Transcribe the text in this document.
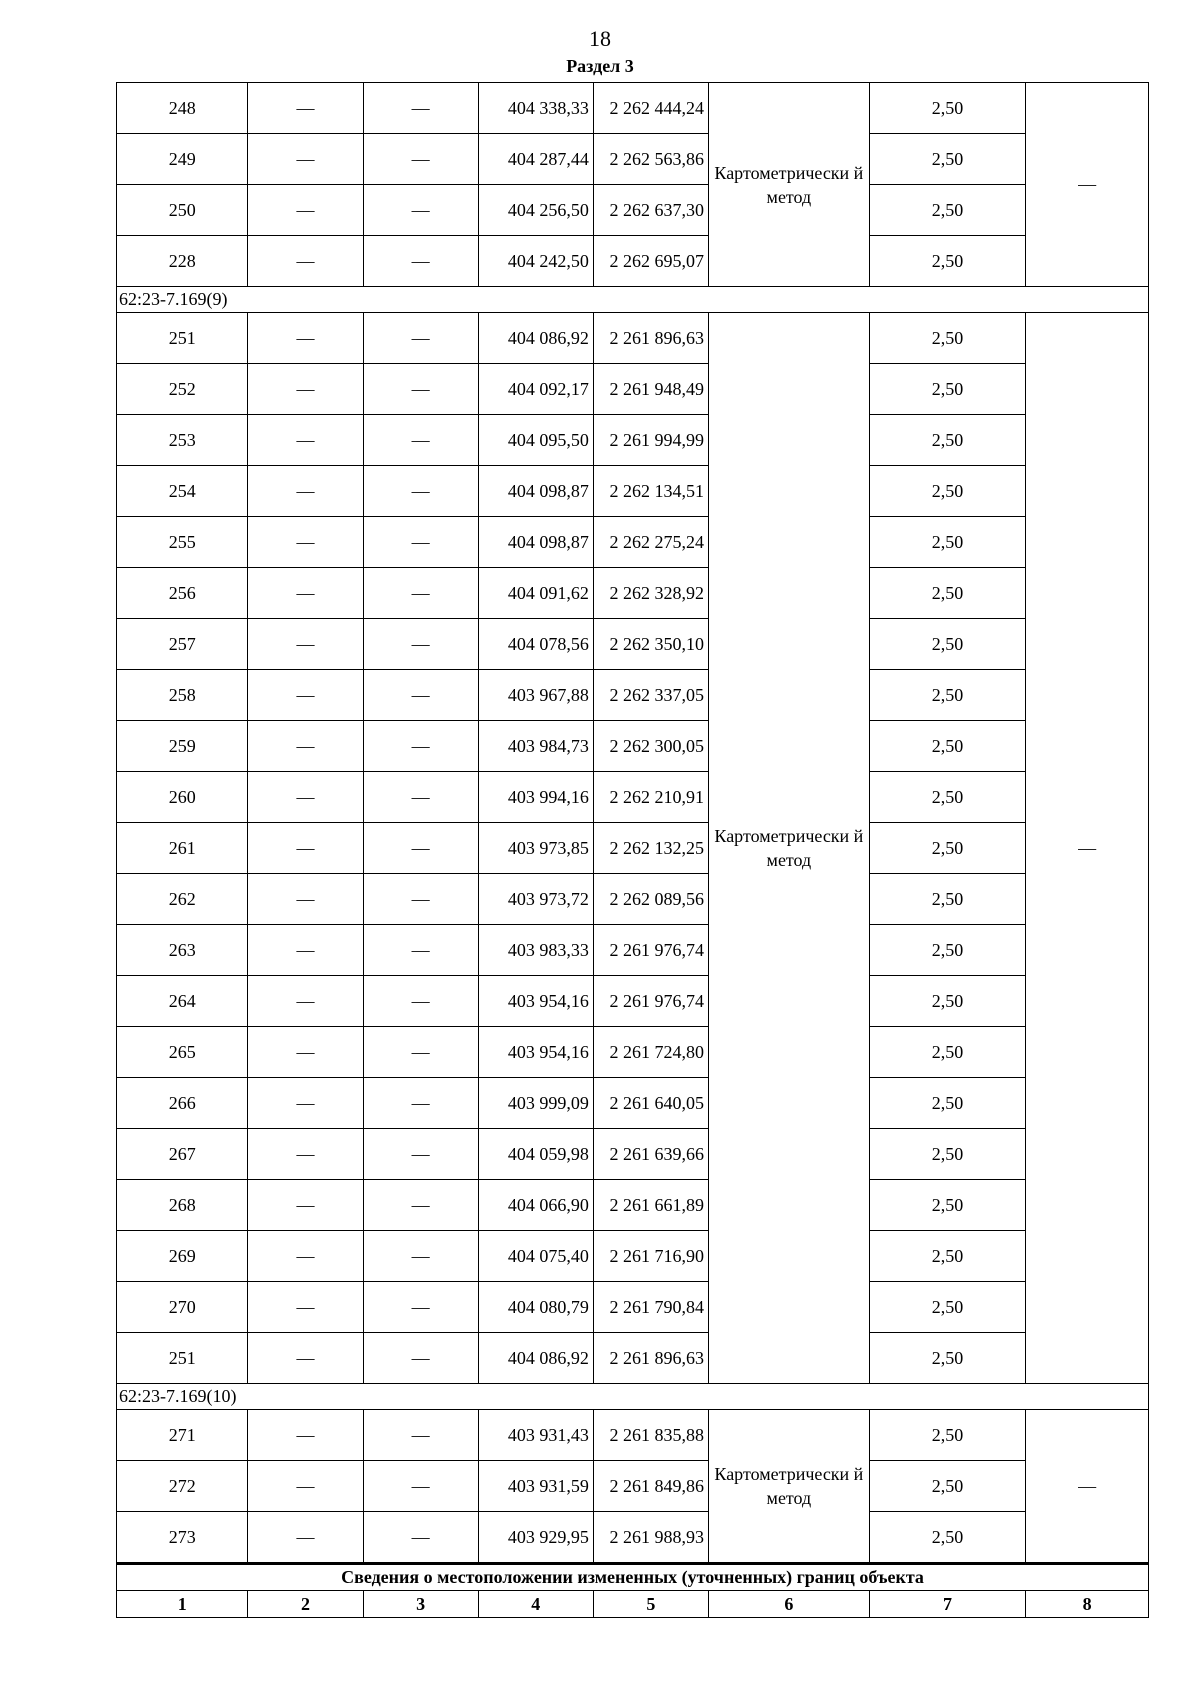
18
Раздел 3
248	—	—	404 338,33	2 262 444,24	Картометрически й метод	2,50	—
249	—	—	404 287,44	2 262 563,86		2,50	
250	—	—	404 256,50	2 262 637,30		2,50	
228	—	—	404 242,50	2 262 695,07		2,50	
62:23-7.169(9)							
251	—	—	404 086,92	2 261 896,63	Картометрически й метод	2,50	—
252	—	—	404 092,17	2 261 948,49		2,50	
253	—	—	404 095,50	2 261 994,99		2,50	
254	—	—	404 098,87	2 262 134,51		2,50	
255	—	—	404 098,87	2 262 275,24		2,50	
256	—	—	404 091,62	2 262 328,92		2,50	
257	—	—	404 078,56	2 262 350,10		2,50	
258	—	—	403 967,88	2 262 337,05		2,50	
259	—	—	403 984,73	2 262 300,05		2,50	
260	—	—	403 994,16	2 262 210,91		2,50	
261	—	—	403 973,85	2 262 132,25		2,50	
262	—	—	403 973,72	2 262 089,56		2,50	
263	—	—	403 983,33	2 261 976,74		2,50	
264	—	—	403 954,16	2 261 976,74		2,50	
265	—	—	403 954,16	2 261 724,80		2,50	
266	—	—	403 999,09	2 261 640,05		2,50	
267	—	—	404 059,98	2 261 639,66		2,50	
268	—	—	404 066,90	2 261 661,89		2,50	
269	—	—	404 075,40	2 261 716,90		2,50	
270	—	—	404 080,79	2 261 790,84		2,50	
251	—	—	404 086,92	2 261 896,63		2,50	
62:23-7.169(10)							
271	—	—	403 931,43	2 261 835,88	Картометрически й метод	2,50	—
272	—	—	403 931,59	2 261 849,86		2,50	
273	—	—	403 929,95	2 261 988,93		2,50	
Сведения о местоположении измененных (уточненных) границ объекта							
1	2	3	4	5	6	7	8
